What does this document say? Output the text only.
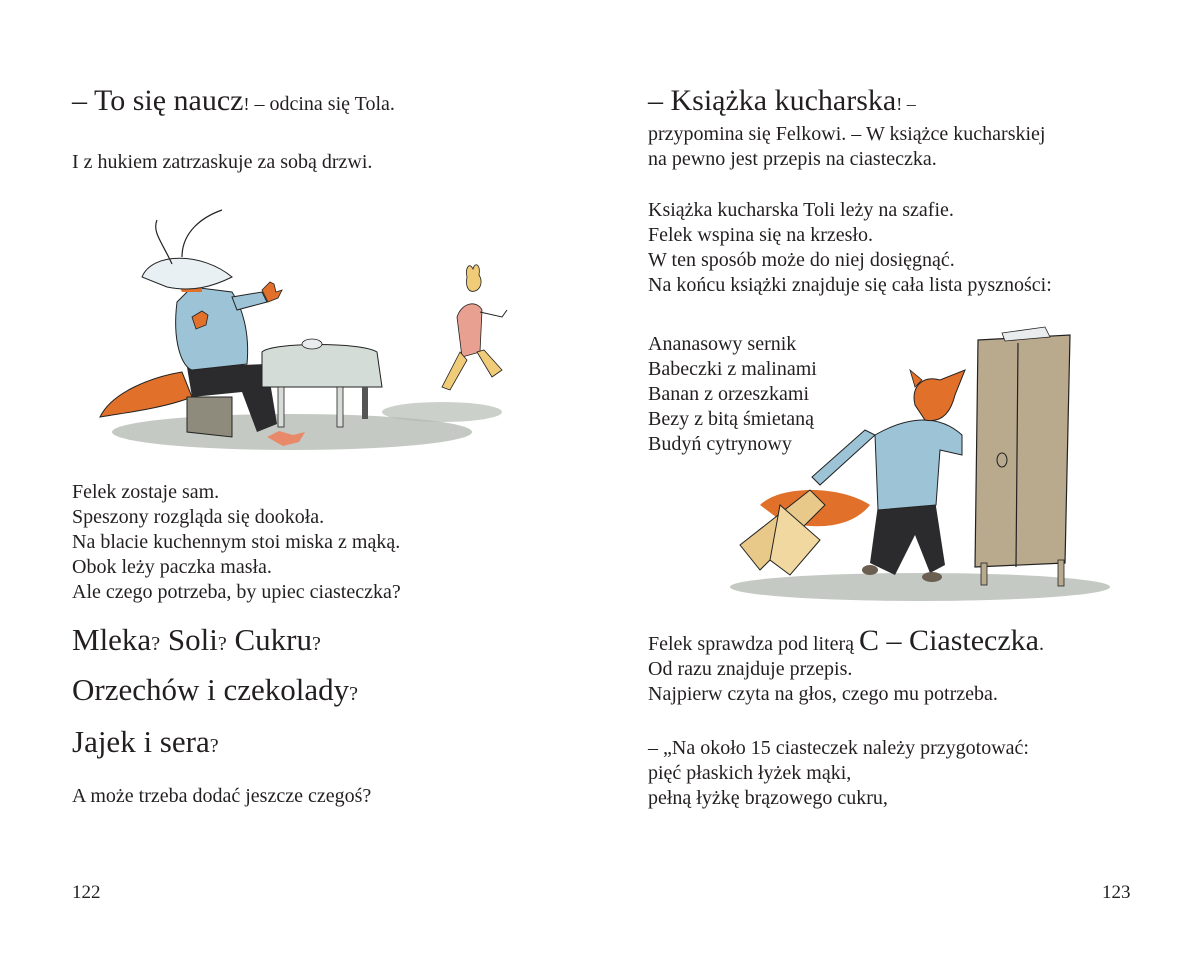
– To się naucz! – odcina się Tola.
I z hukiem zatrzaskuje za sobą drzwi.
Felek zostaje sam.
Speszony rozgląda się dookoła.
Na blacie kuchennym stoi miska z mąką.
Obok leży paczka masła.
Ale czego potrzeba, by upiec ciasteczka?
Mleka? Soli? Cukru?
Orzechów i czekolady?
Jajek i sera?
A może trzeba dodać jeszcze czegoś?
122
– Książka kucharska! –
przypomina się Felkowi. – W książce kucharskiej
na pewno jest przepis na ciasteczka.
Książka kucharska Toli leży na szafie.
Felek wspina się na krzesło.
W ten sposób może do niej dosięgnąć.
Na końcu książki znajduje się cała lista pyszności:
Ananasowy sernik
Babeczki z malinami
Banan z orzeszkami
Bezy z bitą śmietaną
Budyń cytrynowy
Felek sprawdza pod literą C – Ciasteczka.
Od razu znajduje przepis.
Najpierw czyta na głos, czego mu potrzeba.
– „Na około 15 ciasteczek należy przygotować:
pięć płaskich łyżek mąki,
pełną łyżkę brązowego cukru,
123
